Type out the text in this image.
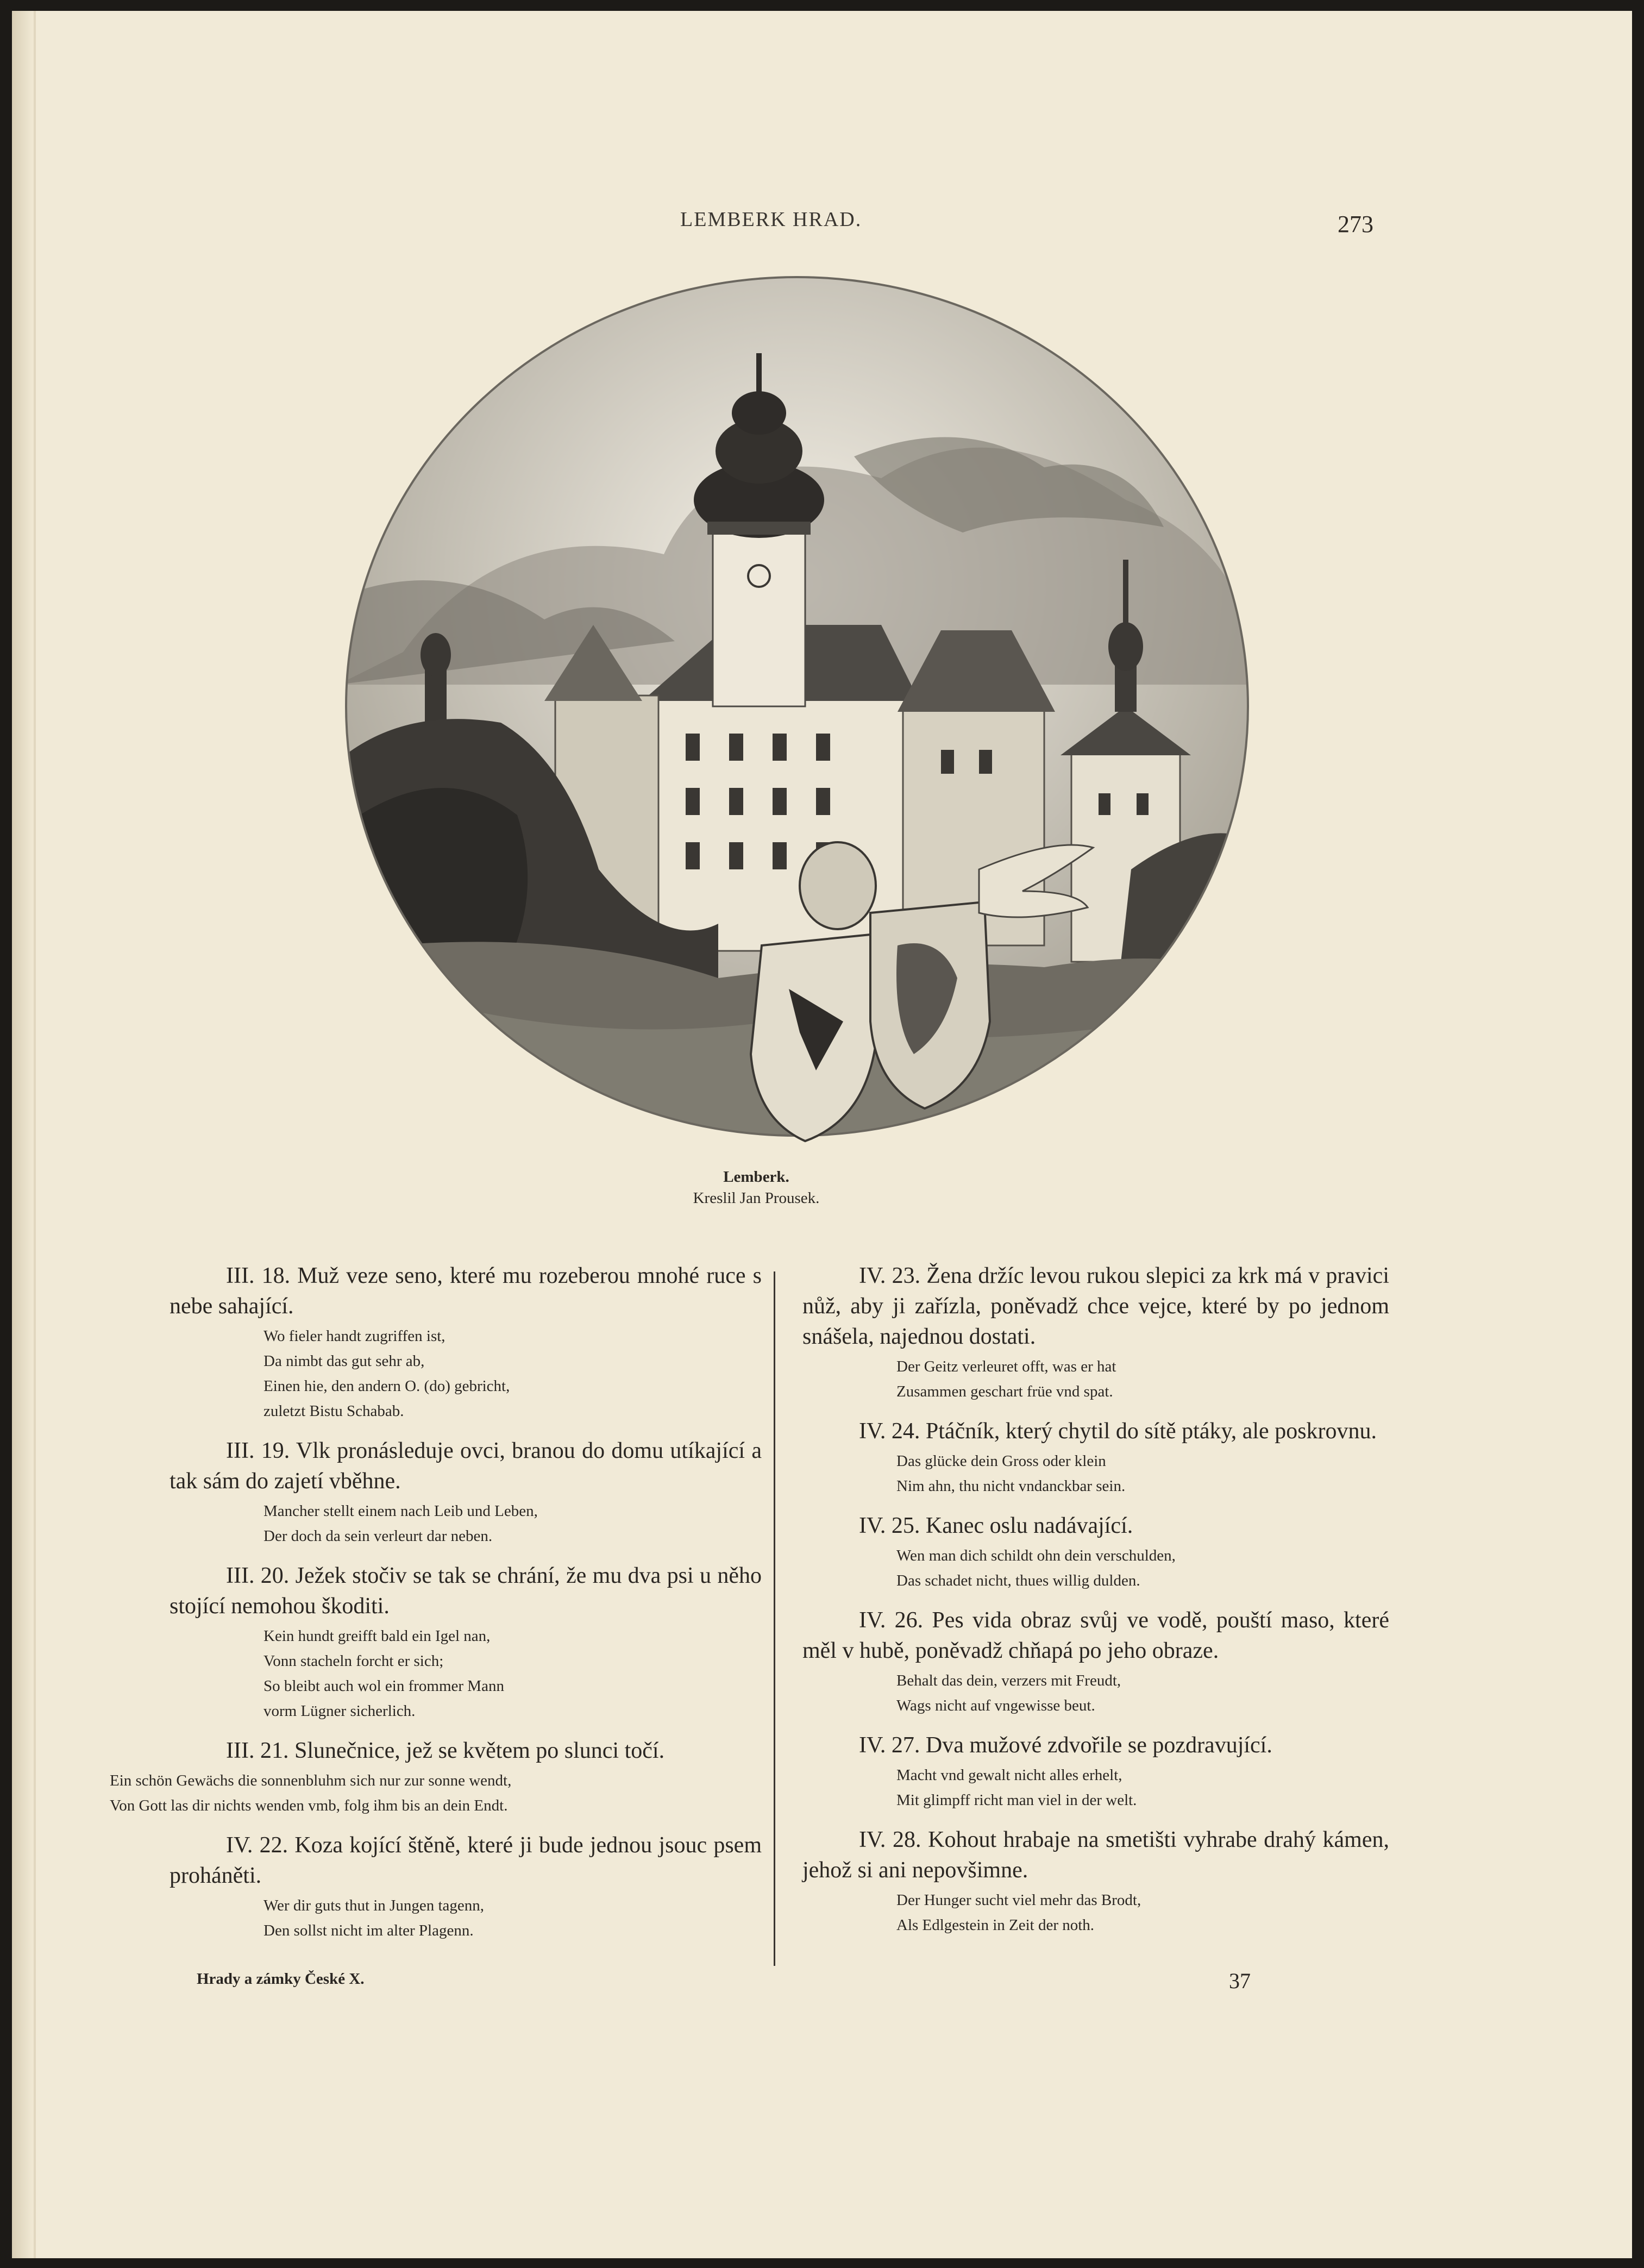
LEMBERK HRAD.	273
Lemberk.
Kreslil Jan Prousek.

III. 18. Muž veze seno, které mu rozeberou mnohé ruce s nebe sahající.

Wo fieler handt zugriffen ist,
Da nimbt das gut sehr ab,
Einen hie, den andern O. (do) gebricht,
zuletzt Bistu Schabab.

III. 19. Vlk pronásleduje ovci, branou do domu utíkající a tak sám do zajetí vběhne.

Mancher stellt einem nach Leib und Leben,
Der doch da sein verleurt dar neben.

III. 20. Ježek stočiv se tak se chrání, že mu dva psi u něho stojící nemohou škoditi.

Kein hundt greifft bald ein Igel nan,
Vonn stacheln forcht er sich;
So bleibt auch wol ein frommer Mann
vorm Lügner sicherlich.

III. 21. Slunečnice, jež se květem po slunci točí.

Ein schön Gewächs die sonnenbluhm sich nur zur sonne wendt,
Von Gott las dir nichts wenden vmb, folg ihm bis an dein Endt.

IV. 22. Koza kojící štěně, které ji bude jednou jsouc psem proháněti.

Wer dir guts thut in Jungen tagenn,
Den sollst nicht im alter Plagenn.

IV. 23. Žena držíc levou rukou slepici za krk má v pravici nůž, aby ji zařízla, poněvadž chce vejce, které by po jednom snášela, najednou dostati.

Der Geitz verleuret offt, was er hat
Zusammen geschart früe vnd spat.

IV. 24. Ptáčník, který chytil do sítě ptáky, ale poskrovnu.

Das glücke dein Gross oder klein
Nim ahn, thu nicht vndanckbar sein.

IV. 25. Kanec oslu nadávající.

Wen man dich schildt ohn dein verschulden,
Das schadet nicht, thues willig dulden.

IV. 26. Pes vida obraz svůj ve vodě, pouští maso, které měl v hubě, poněvadž chňapá po jeho obraze.

Behalt das dein, verzers mit Freudt,
Wags nicht auf vngewisse beut.

IV. 27. Dva mužové zdvořile se pozdravující.

Macht vnd gewalt nicht alles erhelt,
Mit glimpff richt man viel in der welt.

IV. 28. Kohout hrabaje na smetišti vyhrabe drahý kámen, jehož si ani nepovšimne.

Der Hunger sucht viel mehr das Brodt,
Als Edlgestein in Zeit der noth.
Hrady a zámky České X.	37
